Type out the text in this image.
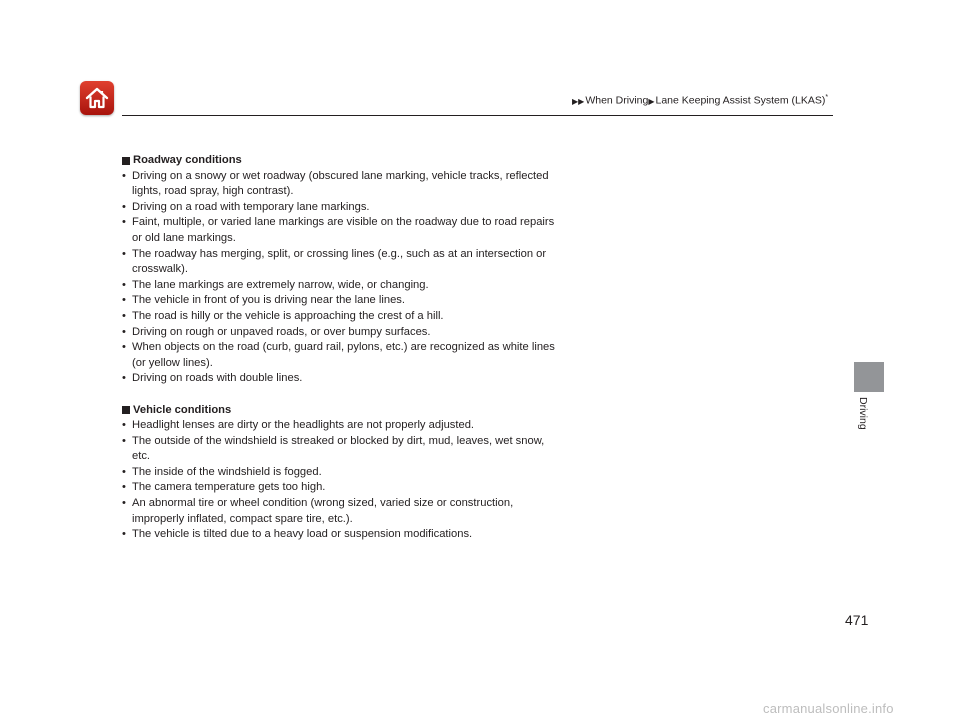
▶▶When Driving▶Lane Keeping Assist System (LKAS)*
Roadway conditions
• Driving on a snowy or wet roadway (obscured lane marking, vehicle tracks, reflected lights, road spray, high contrast).
• Driving on a road with temporary lane markings.
• Faint, multiple, or varied lane markings are visible on the roadway due to road repairs or old lane markings.
• The roadway has merging, split, or crossing lines (e.g., such as at an intersection or crosswalk).
• The lane markings are extremely narrow, wide, or changing.
• The vehicle in front of you is driving near the lane lines.
• The road is hilly or the vehicle is approaching the crest of a hill.
• Driving on rough or unpaved roads, or over bumpy surfaces.
• When objects on the road (curb, guard rail, pylons, etc.) are recognized as white lines (or yellow lines).
• Driving on roads with double lines.
Vehicle conditions
• Headlight lenses are dirty or the headlights are not properly adjusted.
• The outside of the windshield is streaked or blocked by dirt, mud, leaves, wet snow, etc.
• The inside of the windshield is fogged.
• The camera temperature gets too high.
• An abnormal tire or wheel condition (wrong sized, varied size or construction, improperly inflated, compact spare tire, etc.).
• The vehicle is tilted due to a heavy load or suspension modifications.
Driving
471
carmanualsonline.info
